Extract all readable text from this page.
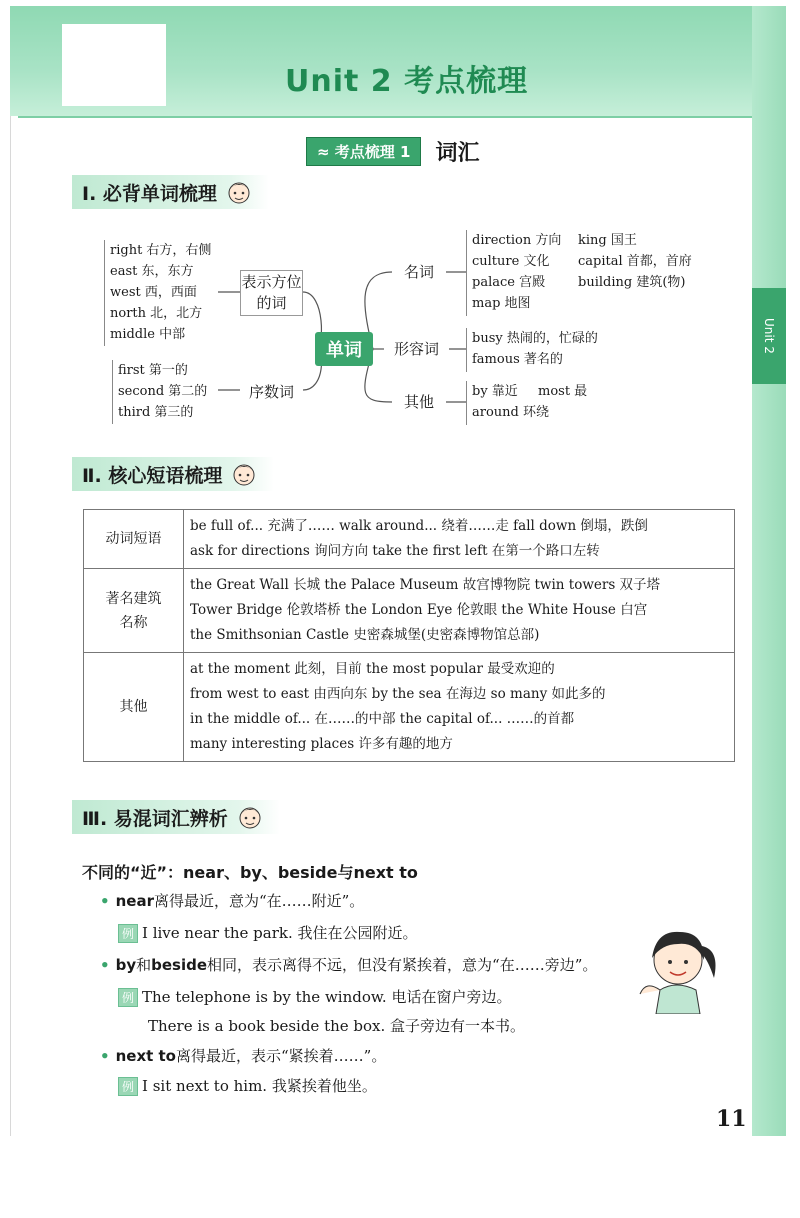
Unit 2 考点梳理
Unit 2
≈ 考点梳理 1	词汇
Ⅰ. 必背单词梳理
right 右方，右侧
east 东，东方
west 西，西面
north 北，北方
middle 中部
表示方位的词
first 第一的
second 第二的
third 第三的
序数词
单词
名词
direction 方向 king 国王
culture 文化 capital 首都，首府
palace 宫殿	building 建筑(物)
map 地图
形容词
busy 热闹的，忙碌的
famous 著名的
其他
by 靠近 most 最
around 环绕
Ⅱ. 核心短语梳理
动词短语	be full of... 充满了…… walk around... 绕着……走 fall down 倒塌，跌倒
ask for directions 询问方向 take the first left 在第一个路口左转

著名建筑名称	the Great Wall 长城 the Palace Museum 故宫博物院 twin towers 双子塔
Tower Bridge 伦敦塔桥 the London Eye 伦敦眼 the White House 白宫
the Smithsonian Castle 史密森城堡(史密森博物馆总部)

其他	at the moment 此刻，目前 the most popular 最受欢迎的
from west to east 由西向东 by the sea 在海边 so many 如此多的
in the middle of... 在……的中部 the capital of... ……的首都
many interesting places 许多有趣的地方
Ⅲ. 易混词汇辨析
不同的“近”：near、by、beside与next to
• near离得最近，意为“在……附近”。
例 I live near the park. 我住在公园附近。
• by和beside相同，表示离得不远，但没有紧挨着，意为“在……旁边”。
例 The telephone is by the window. 电话在窗户旁边。
There is a book beside the box. 盒子旁边有一本书。
• next to离得最近，表示“紧挨着……”。
例 I sit next to him. 我紧挨着他坐。
11
